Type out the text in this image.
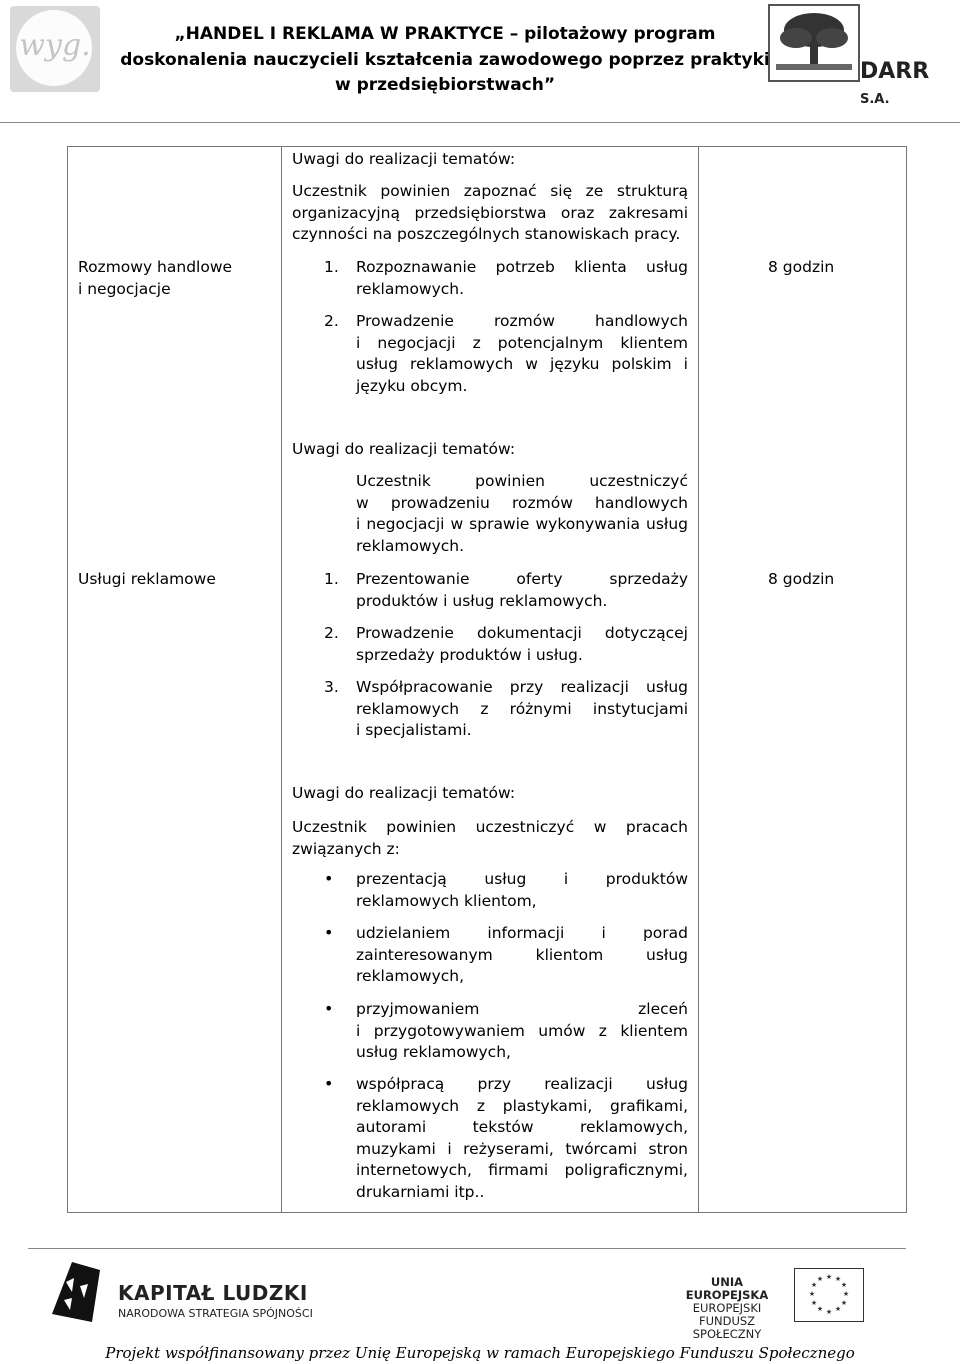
wyg.	„HANDEL I REKLAMA W PRAKTYCE – pilotażowy program
doskonalenia nauczycieli kształcenia zawodowego poprzez praktyki
w przedsiębiorstwach”
DARR S.A.
Uwagi do realizacji tematów:
Uczestnik powinien zapoznać się ze strukturą
organizacyjną przedsiębiorstwa oraz zakresami
czynności na poszczególnych stanowiskach pracy.
Rozmowy handlowe
i negocjacje
8 godzin
1. Rozpoznawanie potrzeb klienta usług
reklamowych.
2. Prowadzenie rozmów handlowych
i negocjacji z potencjalnym klientem
usług reklamowych w języku polskim i
języku obcym.
Uwagi do realizacji tematów:
Uczestnik powinien uczestniczyć
w prowadzeniu rozmów handlowych
i negocjacji w sprawie wykonywania usług
reklamowych.
Usługi reklamowe	8 godzin
1. Prezentowanie oferty sprzedaży
produktów i usług reklamowych.
2. Prowadzenie dokumentacji dotyczącej
sprzedaży produktów i usług.
3. Współpracowanie przy realizacji usług
reklamowych z różnymi instytucjami
i specjalistami.
Uwagi do realizacji tematów:
Uczestnik powinien uczestniczyć w pracach
związanych z:
• prezentacją usług i produktów
reklamowych klientom,
• udzielaniem informacji i porad
zainteresowanym klientom usług
reklamowych,
• przyjmowaniem zleceń
i przygotowywaniem umów z klientem
usług reklamowych,
• współpracą przy realizacji usług
reklamowych z plastykami, grafikami,
autorami tekstów reklamowych,
muzykami i reżyserami, twórcami stron
internetowych, firmami poligraficznymi,
drukarniami itp..
KAPITAŁ LUDZKI
NARODOWA STRATEGIA SPÓJNOŚCI
UNIA EUROPEJSKA
EUROPEJSKI
FUNDUSZ SPOŁECZNY
★ ★
★
★
★
★
★
★
★
★
★
★
Projekt współfinansowany przez Unię Europejską w ramach Europejskiego Funduszu Społecznego
